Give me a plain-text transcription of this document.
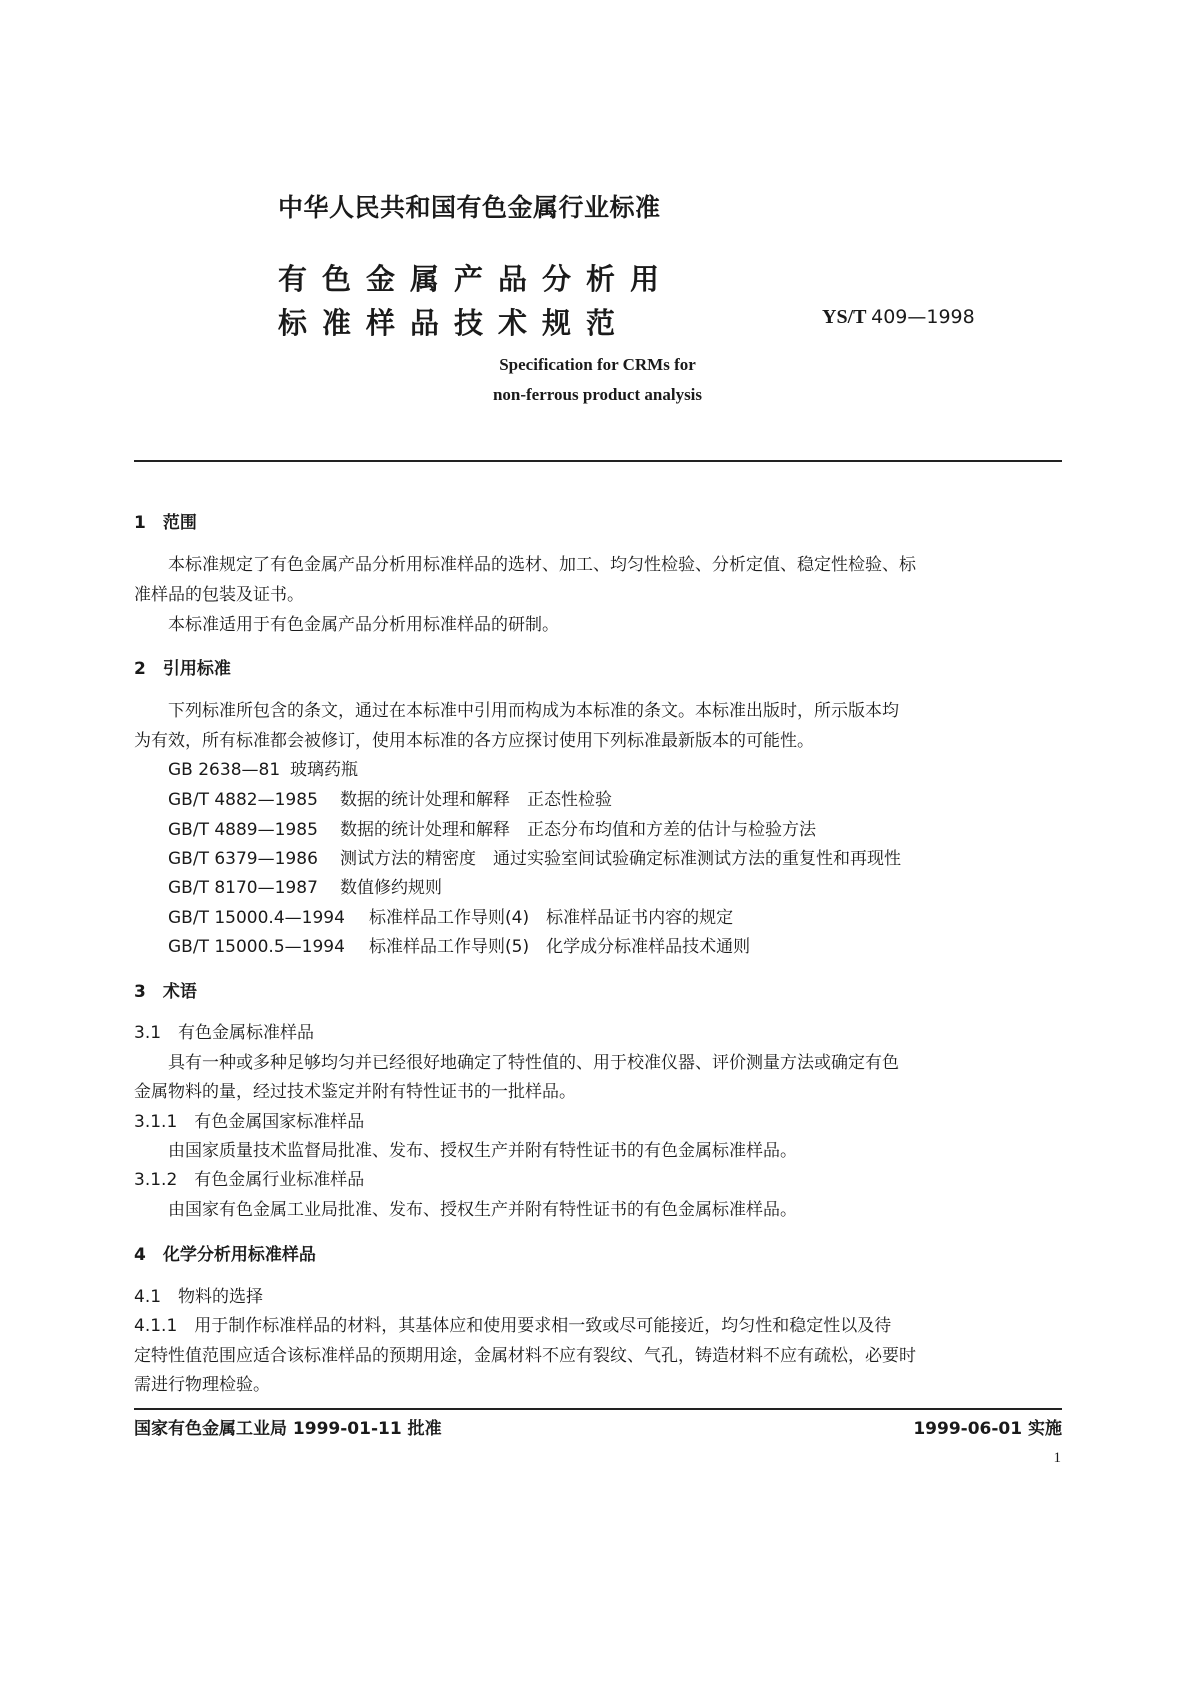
中华人民共和国有色金属行业标准
有色金属产品分析用
标准样品技术规范	YS/T 409—1998
Specification for CRMs for
non-ferrous product analysis
1　范围
本标准规定了有色金属产品分析用标准样品的选材、加工、均匀性检验、分析定值、稳定性检验、标
准样品的包装及证书。
本标准适用于有色金属产品分析用标准样品的研制。
2　引用标准
下列标准所包含的条文，通过在本标准中引用而构成为本标准的条文。本标准出版时，所示版本均
为有效，所有标准都会被修订，使用本标准的各方应探讨使用下列标准最新版本的可能性。
GB 2638—81 玻璃药瓶
GB/T 4882—1985 数据的统计处理和解释　正态性检验
GB/T 4889—1985 数据的统计处理和解释　正态分布均值和方差的估计与检验方法
GB/T 6379—1986 测试方法的精密度　通过实验室间试验确定标准测试方法的重复性和再现性
GB/T 8170—1987 数值修约规则
GB/T 15000.4—1994 标准样品工作导则(4)　标准样品证书内容的规定
GB/T 15000.5—1994 标准样品工作导则(5)　化学成分标准样品技术通则
3　术语
3.1　有色金属标准样品
具有一种或多种足够均匀并已经很好地确定了特性值的、用于校准仪器、评价测量方法或确定有色
金属物料的量，经过技术鉴定并附有特性证书的一批样品。
3.1.1　有色金属国家标准样品
由国家质量技术监督局批准、发布、授权生产并附有特性证书的有色金属标准样品。
3.1.2　有色金属行业标准样品
由国家有色金属工业局批准、发布、授权生产并附有特性证书的有色金属标准样品。
4　化学分析用标准样品
4.1　物料的选择
4.1.1　用于制作标准样品的材料，其基体应和使用要求相一致或尽可能接近，均匀性和稳定性以及待
定特性值范围应适合该标准样品的预期用途，金属材料不应有裂纹、气孔，铸造材料不应有疏松，必要时
需进行物理检验。
国家有色金属工业局 1999-01-11 批准	1999-06-01 实施
1
